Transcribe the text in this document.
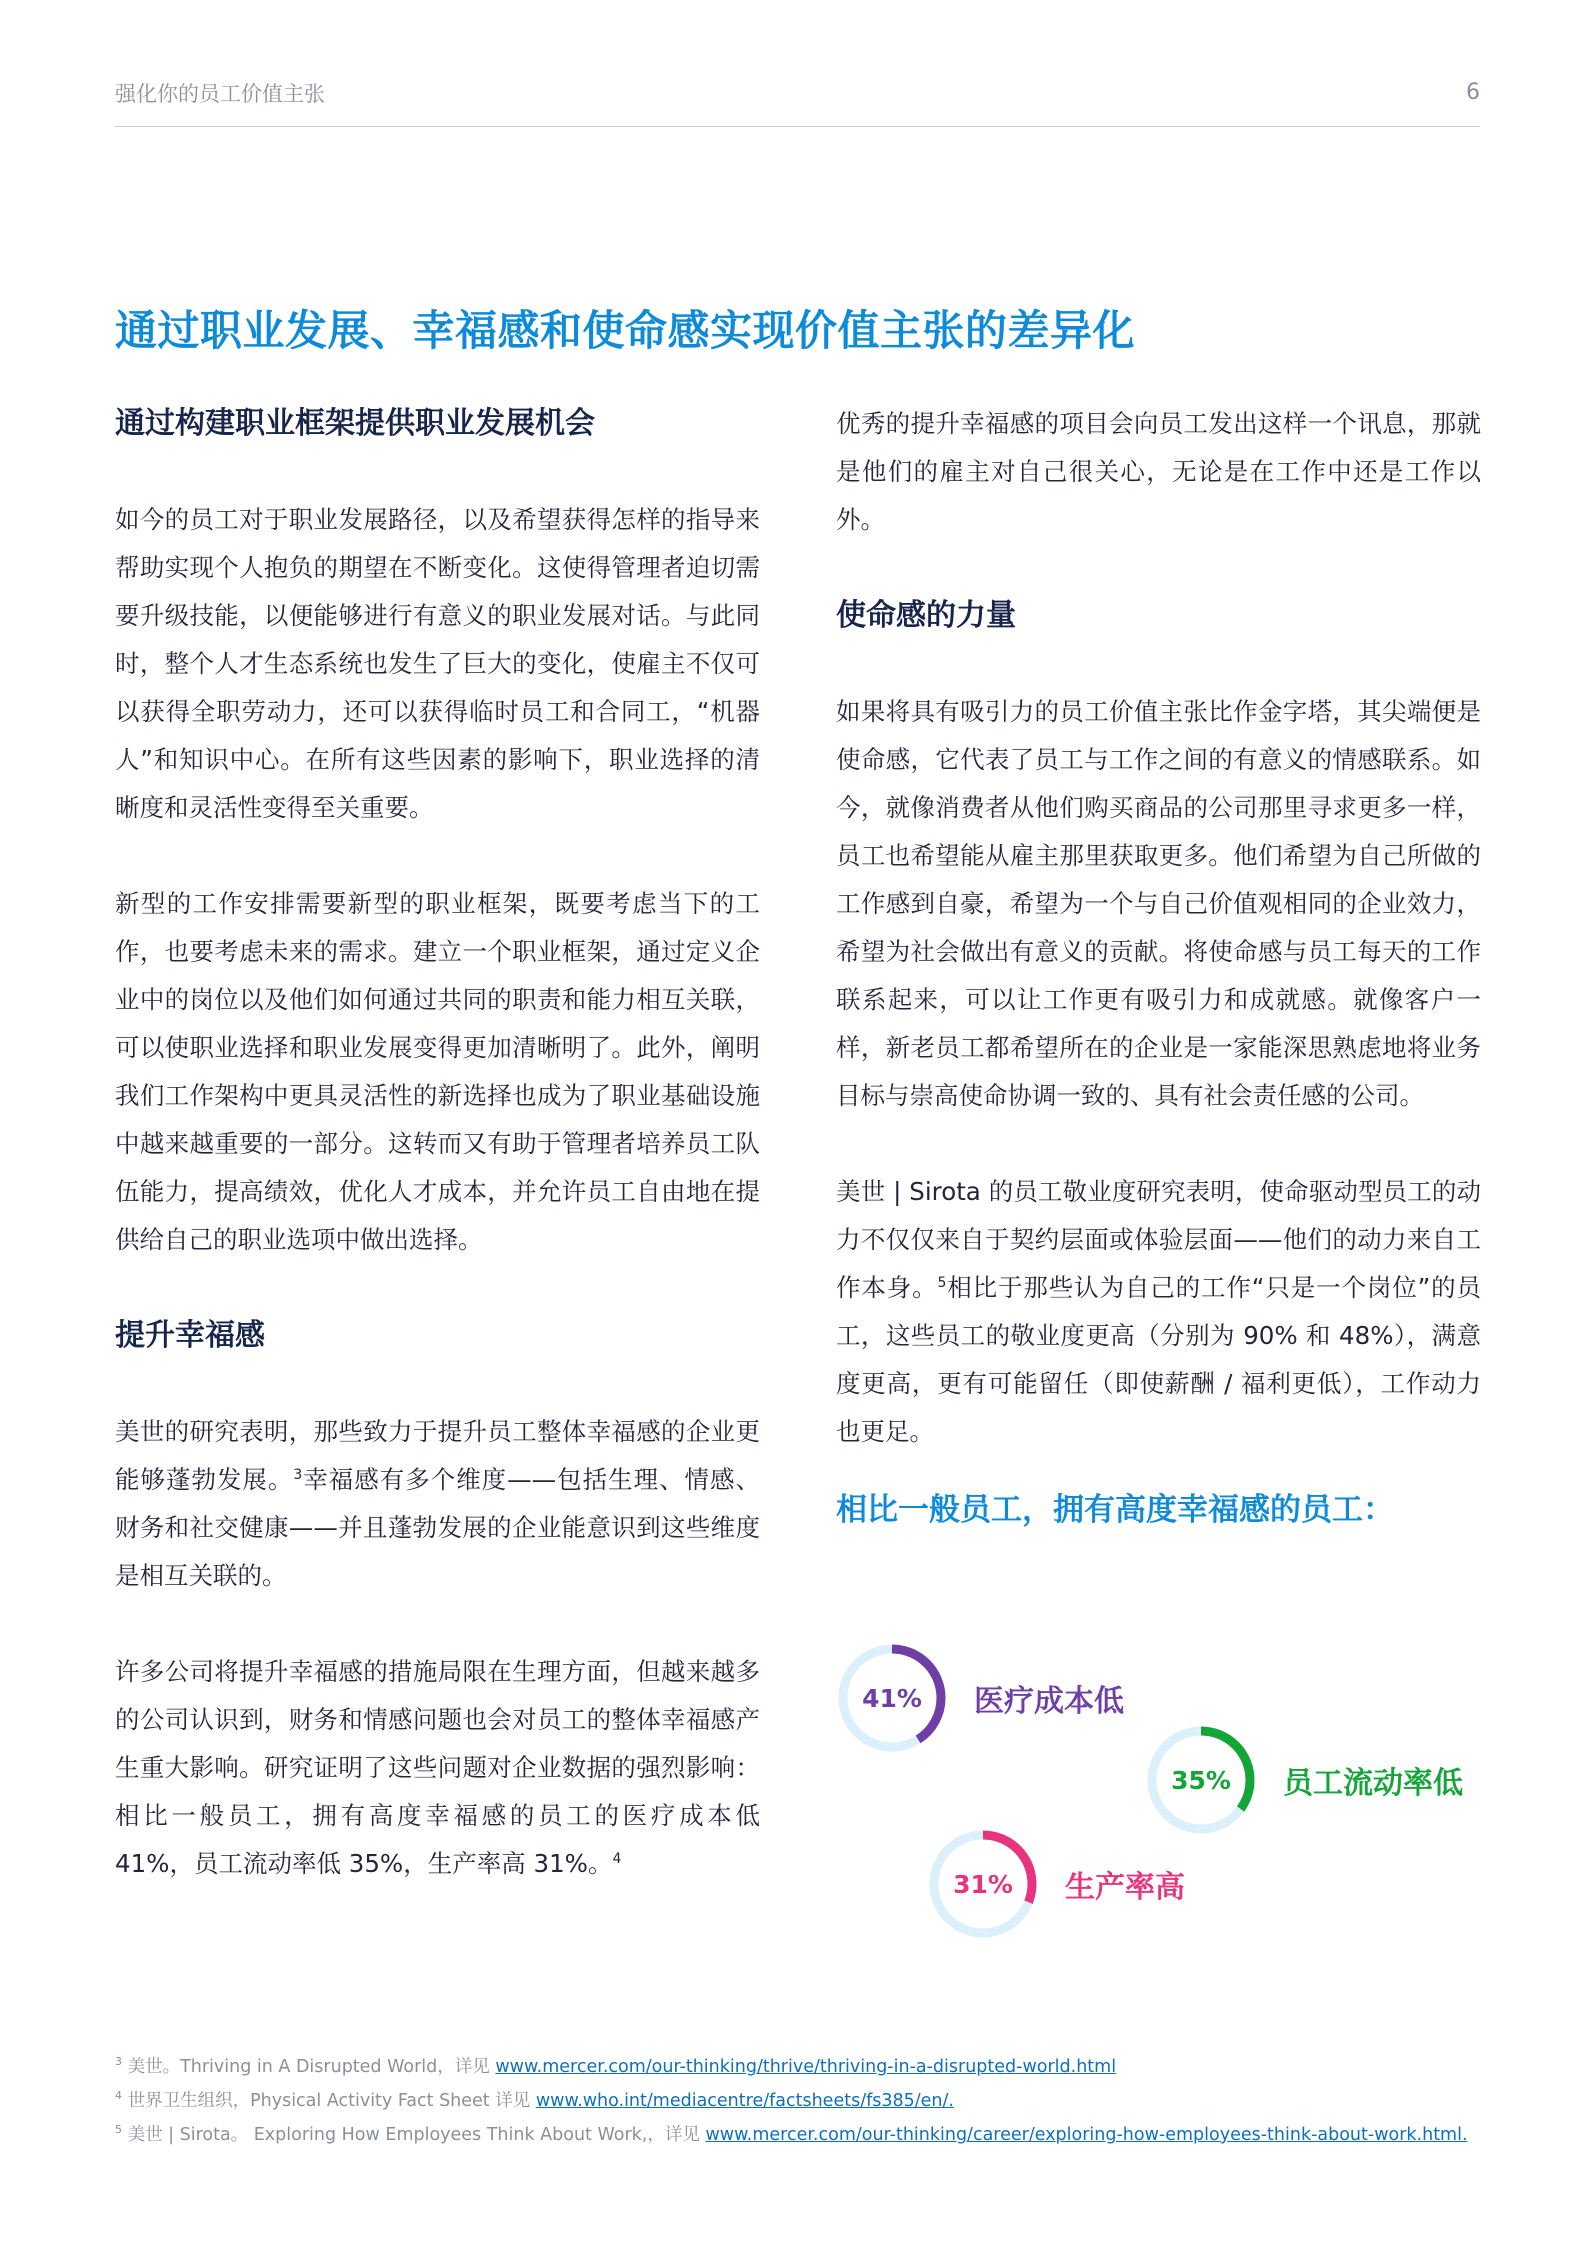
强化你的员工价值主张	6
通过职业发展、幸福感和使命感实现价值主张的差异化
通过构建职业框架提供职业发展机会

如今的员工对于职业发展路径，以及希望获得怎样的指导来帮助实现个人抱负的期望在不断变化。这使得管理者迫切需要升级技能，以便能够进行有意义的职业发展对话。与此同时，整个人才生态系统也发生了巨大的变化，使雇主不仅可以获得全职劳动力，还可以获得临时员工和合同工，“机器人”和知识中心。在所有这些因素的影响下，职业选择的清晰度和灵活性变得至关重要。

新型的工作安排需要新型的职业框架，既要考虑当下的工作，也要考虑未来的需求。建立一个职业框架，通过定义企业中的岗位以及他们如何通过共同的职责和能力相互关联，可以使职业选择和职业发展变得更加清晰明了。此外，阐明我们工作架构中更具灵活性的新选择也成为了职业基础设施中越来越重要的一部分。这转而又有助于管理者培养员工队伍能力，提高绩效，优化人才成本，并允许员工自由地在提供给自己的职业选项中做出选择。

提升幸福感

美世的研究表明，那些致力于提升员工整体幸福感的企业更能够蓬勃发展。$^3$幸福感有多个维度——包括生理、情感、财务和社交健康——并且蓬勃发展的企业能意识到这些维度是相互关联的。

许多公司将提升幸福感的措施局限在生理方面，但越来越多的公司认识到，财务和情感问题也会对员工的整体幸福感产生重大影响。研究证明了这些问题对企业数据的强烈影响：相比一般员工，拥有高度幸福感的员工的医疗成本低 41%，员工流动率低 35%，生产率高 31%。$^4$

优秀的提升幸福感的项目会向员工发出这样一个讯息，那就是他们的雇主对自己很关心，无论是在工作中还是工作以外。

使命感的力量

如果将具有吸引力的员工价值主张比作金字塔，其尖端便是使命感，它代表了员工与工作之间的有意义的情感联系。如今，就像消费者从他们购买商品的公司那里寻求更多一样，员工也希望能从雇主那里获取更多。他们希望为自己所做的工作感到自豪，希望为一个与自己价值观相同的企业效力，希望为社会做出有意义的贡献。将使命感与员工每天的工作联系起来，可以让工作更有吸引力和成就感。就像客户一样，新老员工都希望所在的企业是一家能深思熟虑地将业务目标与崇高使命协调一致的、具有社会责任感的公司。

美世 | Sirota 的员工敬业度研究表明，使命驱动型员工的动力不仅仅来自于契约层面或体验层面——他们的动力来自工作本身。$^5$相比于那些认为自己的工作“只是一个岗位”的员工，这些员工的敬业度更高（分别为 90% 和 48%），满意度更高，更有可能留任（即使薪酬 / 福利更低），工作动力也更足。

相比一般员工，拥有高度幸福感的员工：
41%	医疗成本低
35%	员工流动率低
31%	生产率高
$^3$ 美世。Thriving in A Disrupted World，详见 www.mercer.com/our-thinking/thrive/thriving-in-a-disrupted-world.html
$^4$ 世界卫生组织，Physical Activity Fact Sheet 详见 www.who.int/mediacentre/factsheets/fs385/en/.
$^5$ 美世 | Sirota。 Exploring How Employees Think About Work,，详见 www.mercer.com/our-thinking/career/exploring-how-employees-think-about-work.html.
